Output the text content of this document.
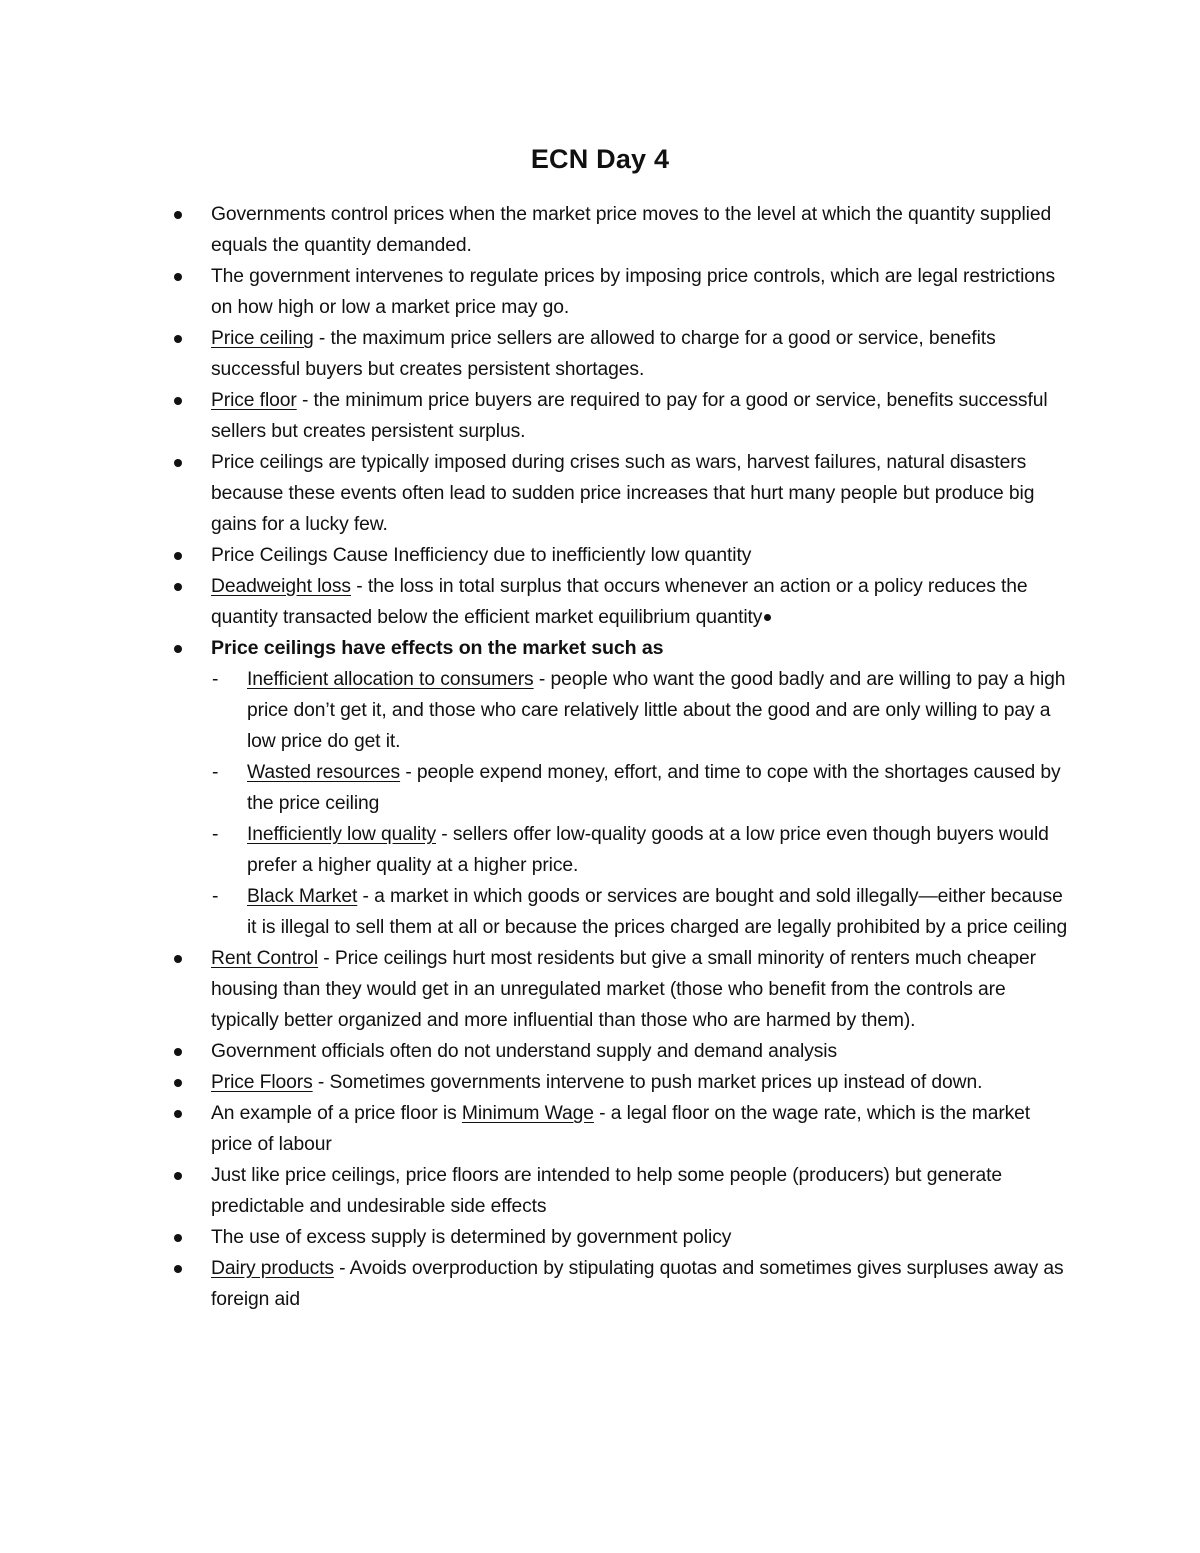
ECN Day 4
Governments control prices when the market price moves to the level at which the quantity supplied equals the quantity demanded.
The government intervenes to regulate prices by imposing price controls, which are legal restrictions on how high or low a market price may go.
Price ceiling - the maximum price sellers are allowed to charge for a good or service, benefits successful buyers but creates persistent shortages.
Price floor - the minimum price buyers are required to pay for a good or service, benefits successful sellers but creates persistent surplus.
Price ceilings are typically imposed during crises such as wars, harvest failures, natural disasters because these events often lead to sudden price increases that hurt many people but produce big gains for a lucky few.
Price Ceilings Cause Inefficiency due to inefficiently low quantity
Deadweight loss - the loss in total surplus that occurs whenever an action or a policy reduces the quantity transacted below the efficient market equilibrium quantity
Price ceilings have effects on the market such as
- Inefficient allocation to consumers - people who want the good badly and are willing to pay a high price don’t get it, and those who care relatively little about the good and are only willing to pay a low price do get it.
- Wasted resources - people expend money, effort, and time to cope with the shortages caused by the price ceiling
- Inefficiently low quality - sellers offer low-quality goods at a low price even though buyers would prefer a higher quality at a higher price.
- Black Market - a market in which goods or services are bought and sold illegally—either because it is illegal to sell them at all or because the prices charged are legally prohibited by a price ceiling
Rent Control - Price ceilings hurt most residents but give a small minority of renters much cheaper housing than they would get in an unregulated market (those who benefit from the controls are typically better organized and more influential than those who are harmed by them).
Government officials often do not understand supply and demand analysis
Price Floors - Sometimes governments intervene to push market prices up instead of down.
An example of a price floor is Minimum Wage - a legal floor on the wage rate, which is the market price of labour
Just like price ceilings, price floors are intended to help some people (producers) but generate predictable and undesirable side effects
The use of excess supply is determined by government policy
Dairy products - Avoids overproduction by stipulating quotas and sometimes gives surpluses away as foreign aid
